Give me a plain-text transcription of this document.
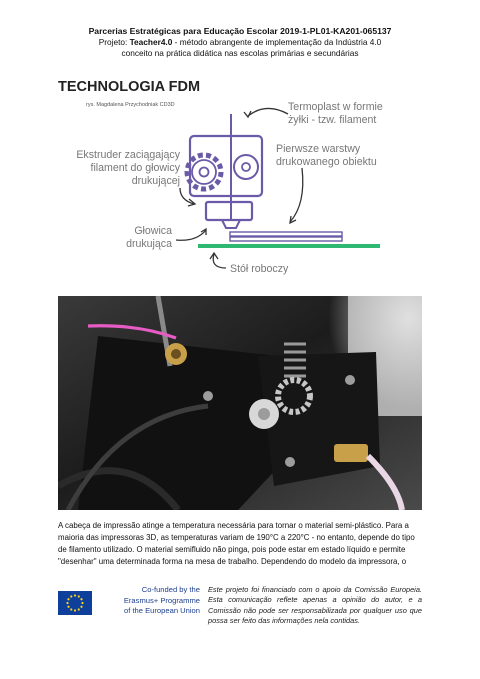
Parcerias Estratégicas para Educação Escolar 2019-1-PL01-KA201-065137
Projeto: Teacher4.0 - método abrangente de implementação da Indústria 4.0
conceito na prática didática nas escolas primárias e secundárias
TECHNOLOGIA FDM
rys. Magdalena Przychodniak CD3D	Termoplast w formie
żyłki - tzw. filament
Ekstruder zaciągający
filament do głowicy
drukującej
Pierwsze warstwy
drukowanego obiektu
Głowica
drukująca
Stół roboczy
A cabeça de impressão atinge a temperatura necessária para tornar o material semi-plástico. Para a maioria das impressoras 3D, as temperaturas variam de 190°C a 220°C - no entanto, depende do tipo de filamento utilizado. O material semifluido não pinga, pois pode estar em estado líquido e permite "desenhar" uma determinada forma na mesa de trabalho. Dependendo do modelo da impressora, o
Co-funded by the
Erasmus+ Programme
of the European Union
Este projeto foi financiado com o apoio da Comissão Europeia. Esta comunicação reflete apenas a opinião do autor, e a Comissão não pode ser responsabilizada por qualquer uso que possa ser feito das informações nela contidas.
